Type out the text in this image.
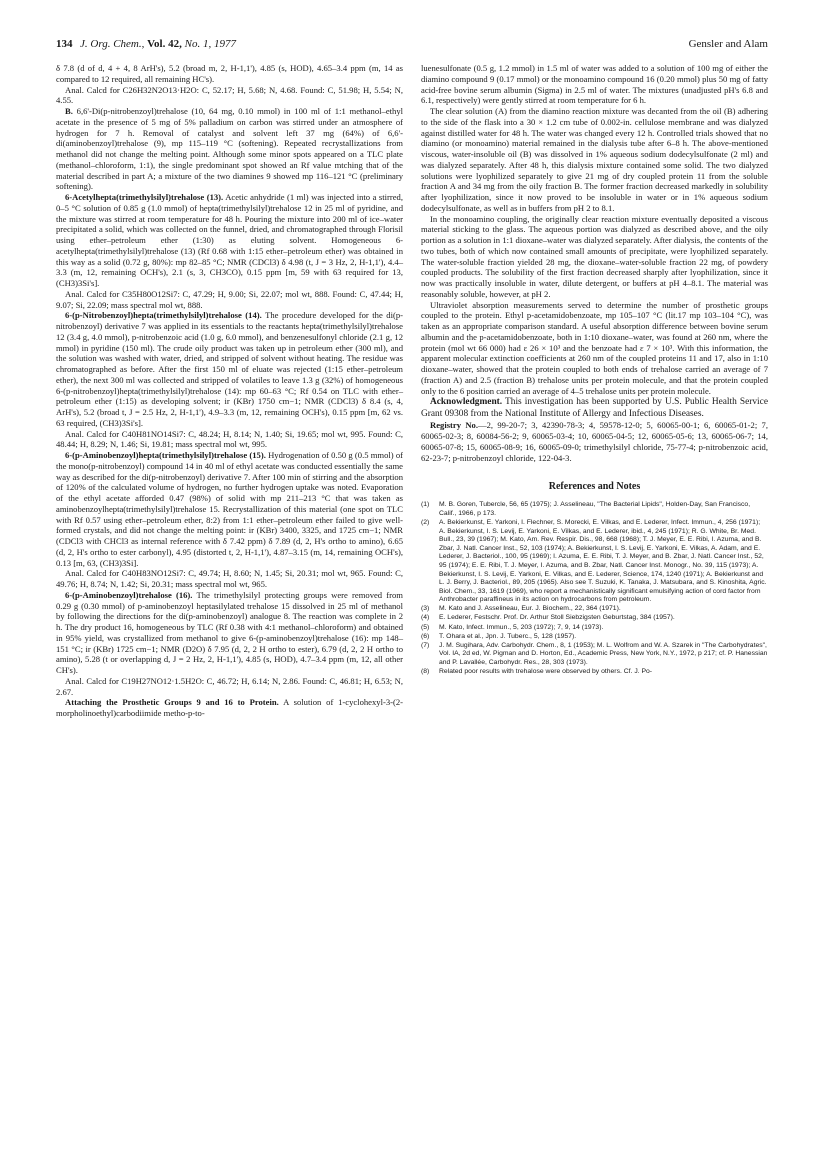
134 J. Org. Chem., Vol. 42, No. 1, 1977	Gensler and Alam

δ 7.8 (d of d, 4 + 4, 8 ArH's), 5.2 (broad m, 2, H-1,1'), 4.85 (s, HOD), 4.65–3.4 ppm (m, 14 as compared to 12 required, all remaining HC's).

Anal. Calcd for C26H32N2O13·H2O: C, 52.17; H, 5.68; N, 4.68. Found: C, 51.98; H, 5.54; N, 4.55.

B. 6,6'-Di(p-nitrobenzoyl)trehalose (10, 64 mg, 0.10 mmol) in 100 ml of 1:1 methanol–ethyl acetate in the presence of 5 mg of 5% palladium on carbon was stirred under an atmosphere of hydrogen for 7 h. Removal of catalyst and solvent left 37 mg (64%) of 6,6'-di(aminobenzoyl)trehalose (9), mp 115–119 °C (softening). Repeated recrystallizations from methanol did not change the melting point. Although some minor spots appeared on a TLC plate (methanol–chloroform, 1:1), the single predominant spot showed an Rf value mtching that of the material described in part A; a mixture of the two diamines 9 showed mp 116–121 °C (preliminary softening).

6-Acetylhepta(trimethylsilyl)trehalose (13). Acetic anhydride (1 ml) was injected into a stirred, 0–5 °C solution of 0.85 g (1.0 mmol) of hepta(trimethylsilyl)trehalose 12 in 25 ml of pyridine, and the mixture was stirred at room temperature for 48 h. Pouring the mixture into 200 ml of ice–water precipitated a solid, which was collected on the funnel, dried, and chromatographed through Florisil using ether–petroleum ether (1:30) as eluting solvent. Homogeneous 6-acetylhepta(trimethylsilyl)trehalose (13) (Rf 0.68 with 1:15 ether–petroleum ether) was obtained in this way as a solid (0.72 g, 80%): mp 82–85 °C; NMR (CDCl3) δ 4.98 (t, J = 3 Hz, 2, H-1,1'), 4.4–3.3 (m, 12, remaining OCH's), 2.1 (s, 3, CH3CO), 0.15 ppm [m, 59 with 63 required for 13, (CH3)3Si's].

Anal. Calcd for C35H80O12Si7: C, 47.29; H, 9.00; Si, 22.07; mol wt, 888. Found: C, 47.44; H, 9.07; Si, 22.09; mass spectral mol wt, 888.

6-(p-Nitrobenzoyl)hepta(trimethylsilyl)trehalose (14). The procedure developed for the di(p-nitrobenzoyl) derivative 7 was applied in its essentials to the reactants hepta(trimethylsilyl)trehalose 12 (3.4 g, 4.0 mmol), p-nitrobenzoic acid (1.0 g, 6.0 mmol), and benzenesulfonyl chloride (2.1 g, 12 mmol) in pyridine (150 ml). The crude oily product was taken up in petroleum ether (300 ml), and the solution was washed with water, dried, and stripped of solvent without heating. The residue was chromatographed as before. After the first 150 ml of eluate was rejected (1:15 ether–petroleum ether), the next 300 ml was collected and stripped of volatiles to leave 1.3 g (32%) of homogeneous 6-(p-nitrobenzoyl)hepta(trimethylsilyl)trehalose (14): mp 60–63 °C; Rf 0.54 on TLC with ether–petroleum ether (1:15) as developing solvent; ir (KBr) 1750 cm−1; NMR (CDCl3) δ 8.4 (s, 4, ArH's), 5.2 (broad t, J = 2.5 Hz, 2, H-1,1'), 4.9–3.3 (m, 12, remaining OCH's), 0.15 ppm [m, 62 vs. 63 required, (CH3)3Si's].

Anal. Calcd for C40H81NO14Si7: C, 48.24; H, 8.14; N, 1.40; Si, 19.65; mol wt, 995. Found: C, 48.44; H, 8.29; N, 1.46; Si, 19.81; mass spectral mol wt, 995.

6-(p-Aminobenzoyl)hepta(trimethylsilyl)trehalose (15). Hydrogenation of 0.50 g (0.5 mmol) of the mono(p-nitrobenzoyl) compound 14 in 40 ml of ethyl acetate was conducted essentially the same way as described for the di(p-nitrobenzoyl) derivative 7. After 100 min of stirring and the absorption of 120% of the calculated volume of hydrogen, no further hydrogen uptake was noted. Evaporation of the ethyl acetate afforded 0.47 (98%) of solid with mp 211–213 °C that was taken as aminobenzoylhepta(trimethylsilyl)trehalose 15. Recrystallization of this material (one spot on TLC with Rf 0.57 using ether–petroleum ether, 8:2) from 1:1 ether–petroleum ether failed to give well-formed crystals, and did not change the melting point: ir (KBr) 3400, 3325, and 1725 cm−1; NMR (CDCl3 with CHCl3 as internal reference with δ 7.42 ppm) δ 7.89 (d, 2, H's ortho to amino), 6.65 (d, 2, H's ortho to ester carbonyl), 4.95 (distorted t, 2, H-1,1'), 4.87–3.15 (m, 14, remaining OCH's), 0.13 [m, 63, (CH3)3Si].

Anal. Calcd for C40H83NO12Si7: C, 49.74; H, 8.60; N, 1.45; Si, 20.31; mol wt, 965. Found: C, 49.76; H, 8.74; N, 1.42; Si, 20.31; mass spectral mol wt, 965.

6-(p-Aminobenzoyl)trehalose (16). The trimethylsilyl protecting groups were removed from 0.29 g (0.30 mmol) of p-aminobenzoyl heptasilylated trehalose 15 dissolved in 25 ml of methanol by following the directions for the di(p-aminobenzoyl) analogue 8. The reaction was complete in 2 h. The dry product 16, homogeneous by TLC (Rf 0.38 with 4:1 methanol–chloroform) and obtained in 95% yield, was crystallized from methanol to give 6-(p-aminobenzoyl)trehalose (16): mp 148–151 °C; ir (KBr) 1725 cm−1; NMR (D2O) δ 7.95 (d, 2, 2 H ortho to ester), 6.79 (d, 2, 2 H ortho to amino), 5.28 (t or overlapping d, J = 2 Hz, 2, H-1,1'), 4.85 (s, HOD), 4.7–3.4 ppm (m, 12, all other CH's).

Anal. Calcd for C19H27NO12·1.5H2O: C, 46.72; H, 6.14; N, 2.86. Found: C, 46.81; H, 6.53; N, 2.67.

Attaching the Prosthetic Groups 9 and 16 to Protein. A solution of 1-cyclohexyl-3-(2-morpholinoethyl)carbodiimide metho-p-to-

luenesulfonate (0.5 g, 1.2 mmol) in 1.5 ml of water was added to a solution of 100 mg of either the diamino compound 9 (0.17 mmol) or the monoamino compound 16 (0.20 mmol) plus 50 mg of fatty acid-free bovine serum albumin (Sigma) in 2.5 ml of water. The mixtures (unadjusted pH's 6.8 and 6.1, respectively) were gently stirred at room temperature for 6 h.

The clear solution (A) from the diamino reaction mixture was decanted from the oil (B) adhering to the side of the flask into a 30 × 1.2 cm tube of 0.002-in. cellulose membrane and was dialyzed against distilled water for 48 h. The water was changed every 12 h. Controlled trials showed that no diamino (or monoamino) material remained in the dialysis tube after 6–8 h. The above-mentioned viscous, water-insoluble oil (B) was dissolved in 1% aqueous sodium dodecylsulfonate (2 ml) and was dialyzed separately. After 48 h, this dialysis mixture contained some solid. The two dialyzed solutions were lyophilized separately to give 21 mg of dry coupled protein 11 from the soluble fraction A and 34 mg from the oily fraction B. The former fraction decreased markedly in solubility after lyophilization, since it now proved to be insoluble in water or in 1% aqueous sodium dodecylsulfonate, as well as in buffers from pH 2 to 8.1.

In the monoamino coupling, the originally clear reaction mixture eventually deposited a viscous material sticking to the glass. The aqueous portion was dialyzed as described above, and the oily portion as a solution in 1:1 dioxane–water was dialyzed separately. After dialysis, the contents of the two tubes, both of which now contained small amounts of precipitate, were lyophilized separately. The water-soluble fraction yielded 28 mg, the dioxane–water-soluble fraction 22 mg, of powdery coupled products. The solubility of the first fraction decreased sharply after lyophilization, since it now was practically insoluble in water, dilute detergent, or buffers at pH 4–8.1. The material was reasonably soluble, however, at pH 2.

Ultraviolet absorption measurements served to determine the number of prosthetic groups coupled to the protein. Ethyl p-acetamidobenzoate, mp 105–107 °C (lit.17 mp 103–104 °C), was taken as an appropriate comparison standard. A useful absorption difference between bovine serum albumin and the p-acetamidobenzoate, both in 1:10 dioxane–water, was found at 260 nm, where the protein (mol wt 66 000) had ε 26 × 10³ and the benzoate had ε 7 × 10³. With this information, the apparent molecular extinction coefficients at 260 nm of the coupled proteins 11 and 17, also in 1:10 dioxane–water, showed that the protein coupled to both ends of trehalose carried an average of 7 (fraction A) and 2.5 (fraction B) trehalose units per protein molecule, and that the protein coupled only to the 6 position carried an average of 4–5 trehalose units per protein molecule.

Acknowledgment. This investigation has been supported by U.S. Public Health Service Grant 09308 from the National Institute of Allergy and Infectious Diseases.

Registry No.—2, 99-20-7; 3, 42390-78-3; 4, 59578-12-0; 5, 60065-00-1; 6, 60065-01-2; 7, 60065-02-3; 8, 60084-56-2; 9, 60065-03-4; 10, 60065-04-5; 12, 60065-05-6; 13, 60065-06-7; 14, 60065-07-8; 15, 60065-08-9; 16, 60065-09-0; trimethylsilyl chloride, 75-77-4; p-nitrobenzoic acid, 62-23-7; p-nitrobenzoyl chloride, 122-04-3.

References and Notes
(1) M. B. Goren, Tubercle, 56, 65 (1975); J. Asselineau, "The Bacterial Lipids", Holden-Day, San Francisco, Calif., 1966, p 173.
(2) A. Bekierkunst, E. Yarkoni, I. Flechner, S. Morecki, E. Vilkas, and E. Lederer, Infect. Immun., 4, 256 (1971); A. Bekierkunst, I. S. Levij, E. Yarkoni, E. Vilkas, and E. Lederer, ibid., 4, 245 (1971); R. G. White, Br. Med. Bull., 23, 39 (1967); M. Kato, Am. Rev. Respir. Dis., 98, 668 (1968); T. J. Meyer, E. E. Ribi, I. Azuma, and B. Zbar, J. Natl. Cancer Inst., 52, 103 (1974); A. Bekierkunst, I. S. Levij, E. Yarkoni, E. Vilkas, A. Adam, and E. Lederer, J. Bacteriol., 100, 95 (1969); I. Azuma, E. E. Ribi, T. J. Meyer, and B. Zbar, J. Natl. Cancer Inst., 52, 95 (1974); E. E. Ribi, T. J. Meyer, I. Azuma, and B. Zbar, Natl. Cancer Inst. Monogr., No. 39, 115 (1973); A. Bekierkunst, I. S. Levij, E. Yarkoni, E. Vilkas, and E. Lederer, Science, 174, 1240 (1971); A. Bekierkunst and L. J. Berry, J. Bacteriol., 89, 205 (1965). Also see T. Suzuki, K. Tanaka, J. Matsubara, and S. Kinoshita, Agric. Biol. Chem., 33, 1619 (1969), who report a mechanistically significant emulsifying action of cord factor from Anthrobacter paraffineus in its action on hydrocarbons from petroleum.
(3) M. Kato and J. Asselineau, Eur. J. Biochem., 22, 364 (1971).
(4) E. Lederer, Festschr. Prof. Dr. Arthur Stoll Siebzigsten Geburtstag, 384 (1957).
(5) M. Kato, Infect. Immun., 5, 203 (1972); 7, 9, 14 (1973).
(6) T. Ohara et al., Jpn. J. Tuberc., 5, 128 (1957).
(7) J. M. Sugihara, Adv. Carbohydr. Chem., 8, 1 (1953); M. L. Wolfrom and W. A. Szarek in "The Carbohydrates", Vol. IA, 2d ed, W. Pigman and D. Horton, Ed., Academic Press, New York, N.Y., 1972, p 217; cf. P. Hanessian and P. Lavallée, Carbohydr. Res., 28, 303 (1973).
(8) Related poor results with trehalose were observed by others. Cf. J. Po-
